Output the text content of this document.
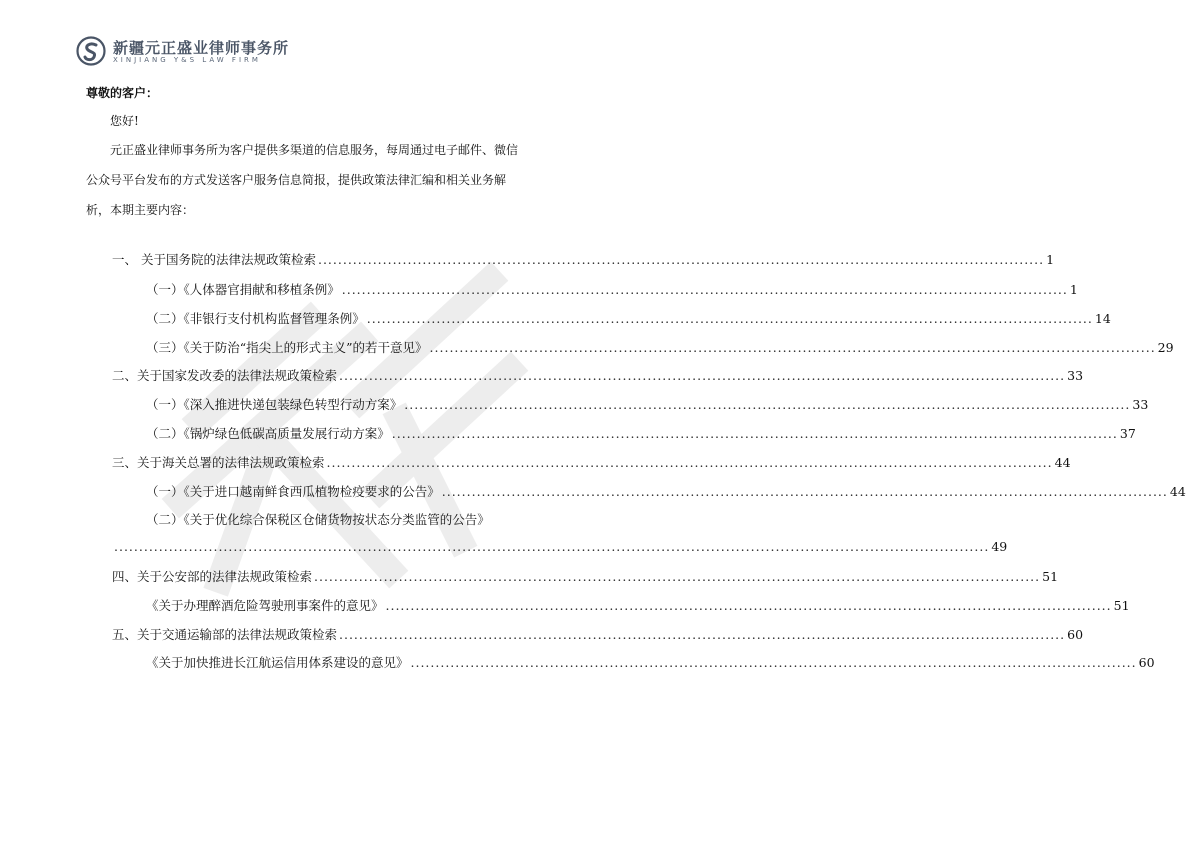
新疆元正盛业律师事务所
XINJIANG Y&S LAW FIRM
尊敬的客户：
您好!
元正盛业律师事务所为客户提供多渠道的信息服务，每周通过电子邮件、微信
公众号平台发布的方式发送客户服务信息简报，提供政策法律汇编和相关业务解
析，本期主要内容：
一、 关于国务院的法律法规政策检索 .................................................................................................................................................. 1
（一）《人体器官捐献和移植条例》 .................................................................................................................................................. 1
（二）《非银行支付机构监督管理条例》 .................................................................................................................................................. 14
（三）《关于防治“指尖上的形式主义”的若干意见》 .................................................................................................................................................. 29
二、关于国家发改委的法律法规政策检索 .................................................................................................................................................. 33
（一）《深入推进快递包装绿色转型行动方案》 .................................................................................................................................................. 33
（二）《锅炉绿色低碳高质量发展行动方案》 .................................................................................................................................................. 37
三、关于海关总署的法律法规政策检索 .................................................................................................................................................. 44
（一）《关于进口越南鲜食西瓜植物检疫要求的公告》 .................................................................................................................................................. 44
（二）《关于优化综合保税区仓储货物按状态分类监管的公告》
................................................................................................................................................................................ 49
四、关于公安部的法律法规政策检索 .................................................................................................................................................. 51
《关于办理醉酒危险驾驶刑事案件的意见》 .................................................................................................................................................. 51
五、关于交通运输部的法律法规政策检索 .................................................................................................................................................. 60
《关于加快推进长江航运信用体系建设的意见》 .................................................................................................................................................. 60
